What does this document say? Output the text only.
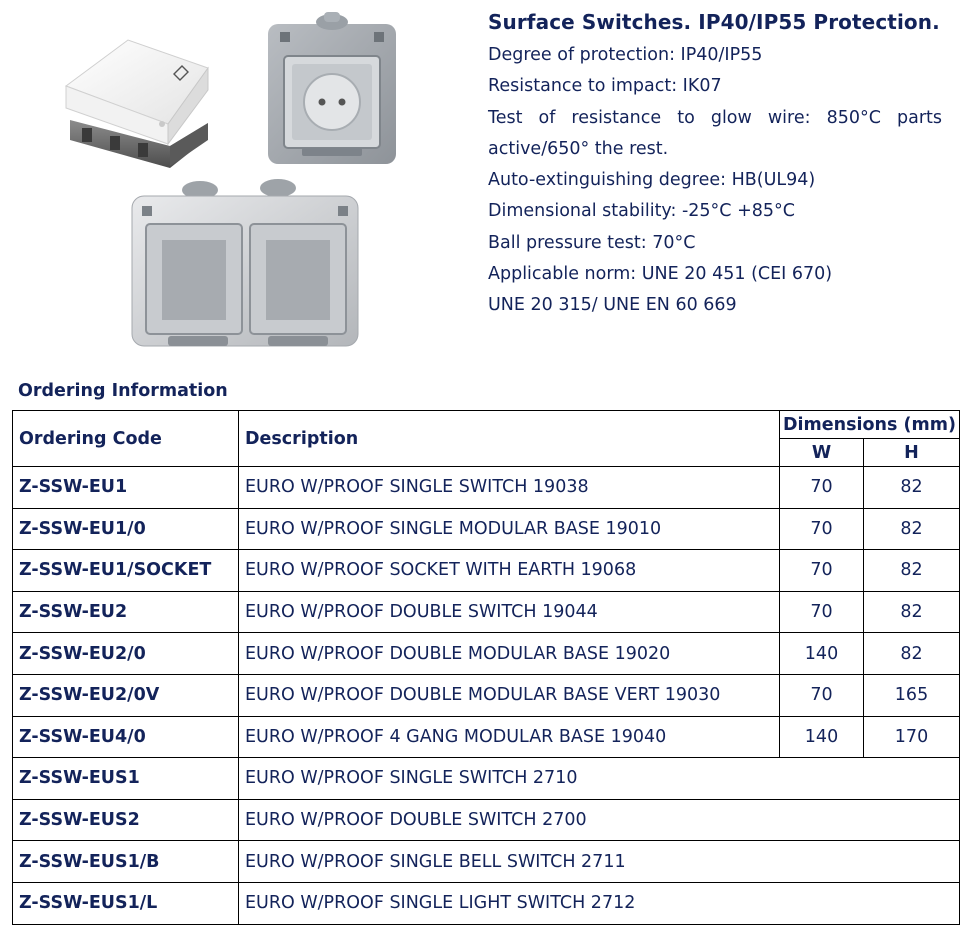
Surface Switches. IP40/IP55 Protection.

Degree of protection: IP40/IP55

Resistance to impact: IK07

Test of resistance to glow wire: 850°C parts

active/650° the rest.

Auto-extinguishing degree: HB(UL94)

Dimensional stability: -25°C +85°C

Ball pressure test: 70°C

Applicable norm: UNE 20 451 (CEI 670)

UNE 20 315/ UNE EN 60 669

Ordering Information
Ordering Code	Description	Dimensions (mm)	
		W	H
Z-SSW-EU1	EURO W/PROOF SINGLE SWITCH 19038	70	82
Z-SSW-EU1/0	EURO W/PROOF SINGLE MODULAR BASE 19010	70	82
Z-SSW-EU1/SOCKET	EURO W/PROOF SOCKET WITH EARTH 19068	70	82
Z-SSW-EU2	EURO W/PROOF DOUBLE SWITCH 19044	70	82
Z-SSW-EU2/0	EURO W/PROOF DOUBLE MODULAR BASE 19020	140	82
Z-SSW-EU2/0V	EURO W/PROOF DOUBLE MODULAR BASE VERT 19030	70	165
Z-SSW-EU4/0	EURO W/PROOF 4 GANG MODULAR BASE 19040	140	170
Z-SSW-EUS1	EURO W/PROOF SINGLE SWITCH 2710		
Z-SSW-EUS2	EURO W/PROOF DOUBLE SWITCH 2700		
Z-SSW-EUS1/B	EURO W/PROOF SINGLE BELL SWITCH 2711		
Z-SSW-EUS1/L	EURO W/PROOF SINGLE LIGHT SWITCH 2712		
